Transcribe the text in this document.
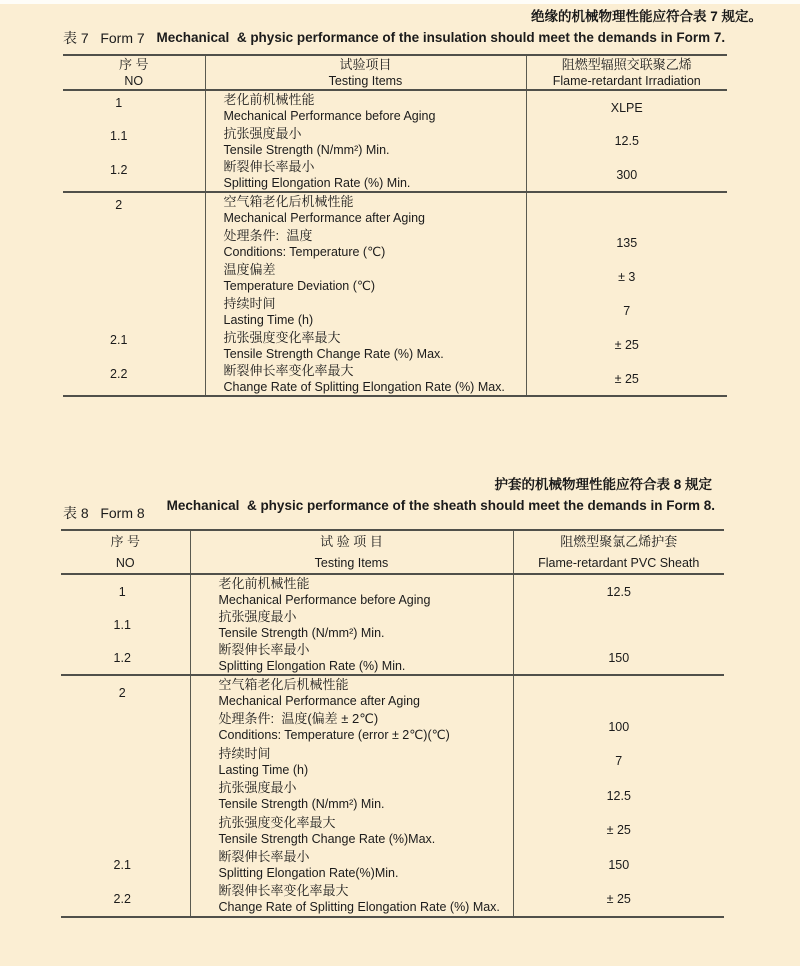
绝缘的机械物理性能应符合表 7 规定。
表 7   Form 7 Mechanical  & physic performance of the insulation should meet the demands in Form 7.
序 号
NO

试验项目
Testing Items

阻燃型辐照交联聚乙烯
Flame-retardant Irradiation

1	老化前机械性能
Mechanical Performance before Aging	XLPE
1.1	抗张强度最小
Tensile Strength (N/mm²) Min.	12.5
1.2	断裂伸长率最小
Splitting Elongation Rate (%) Min.	300
2	空气箱老化后机械性能
Mechanical Performance after Aging	

	处理条件:  温度
Conditions: Temperature (℃)	135

	温度偏差
Temperature Deviation (℃)	± 3

	持续时间
Lasting Time (h)	7
2.1	抗张强度变化率最大
Tensile Strength Change Rate (%) Max.	± 25
2.2	断裂伸长率变化率最大
Change Rate of Splitting Elongation Rate (%) Max.	± 25
护套的机械物理性能应符合表 8 规定
表 8   Form 8	Mechanical  & physic performance of the sheath should meet the demands in Form 8.
序 号
NO

试 验 项 目
Testing Items

阻燃型聚氯乙烯护套
Flame-retardant PVC Sheath

1	老化前机械性能
Mechanical Performance before Aging	12.5
1.1	抗张强度最小
Tensile Strength (N/mm²) Min.	

1.2	断裂伸长率最小
Splitting Elongation Rate (%) Min.	150
2	空气箱老化后机械性能
Mechanical Performance after Aging	

	处理条件:  温度(偏差 ± 2℃)
Conditions: Temperature (error ± 2℃)(℃)	100

	持续时间
Lasting Time (h)	7

	抗张强度最小
Tensile Strength (N/mm²) Min.	12.5

	抗张强度变化率最大
Tensile Strength Change Rate (%)Max.	± 25
2.1	断裂伸长率最小
Splitting Elongation Rate(%)Min.	150
2.2	断裂伸长率变化率最大
Change Rate of Splitting Elongation Rate (%) Max.	± 25
